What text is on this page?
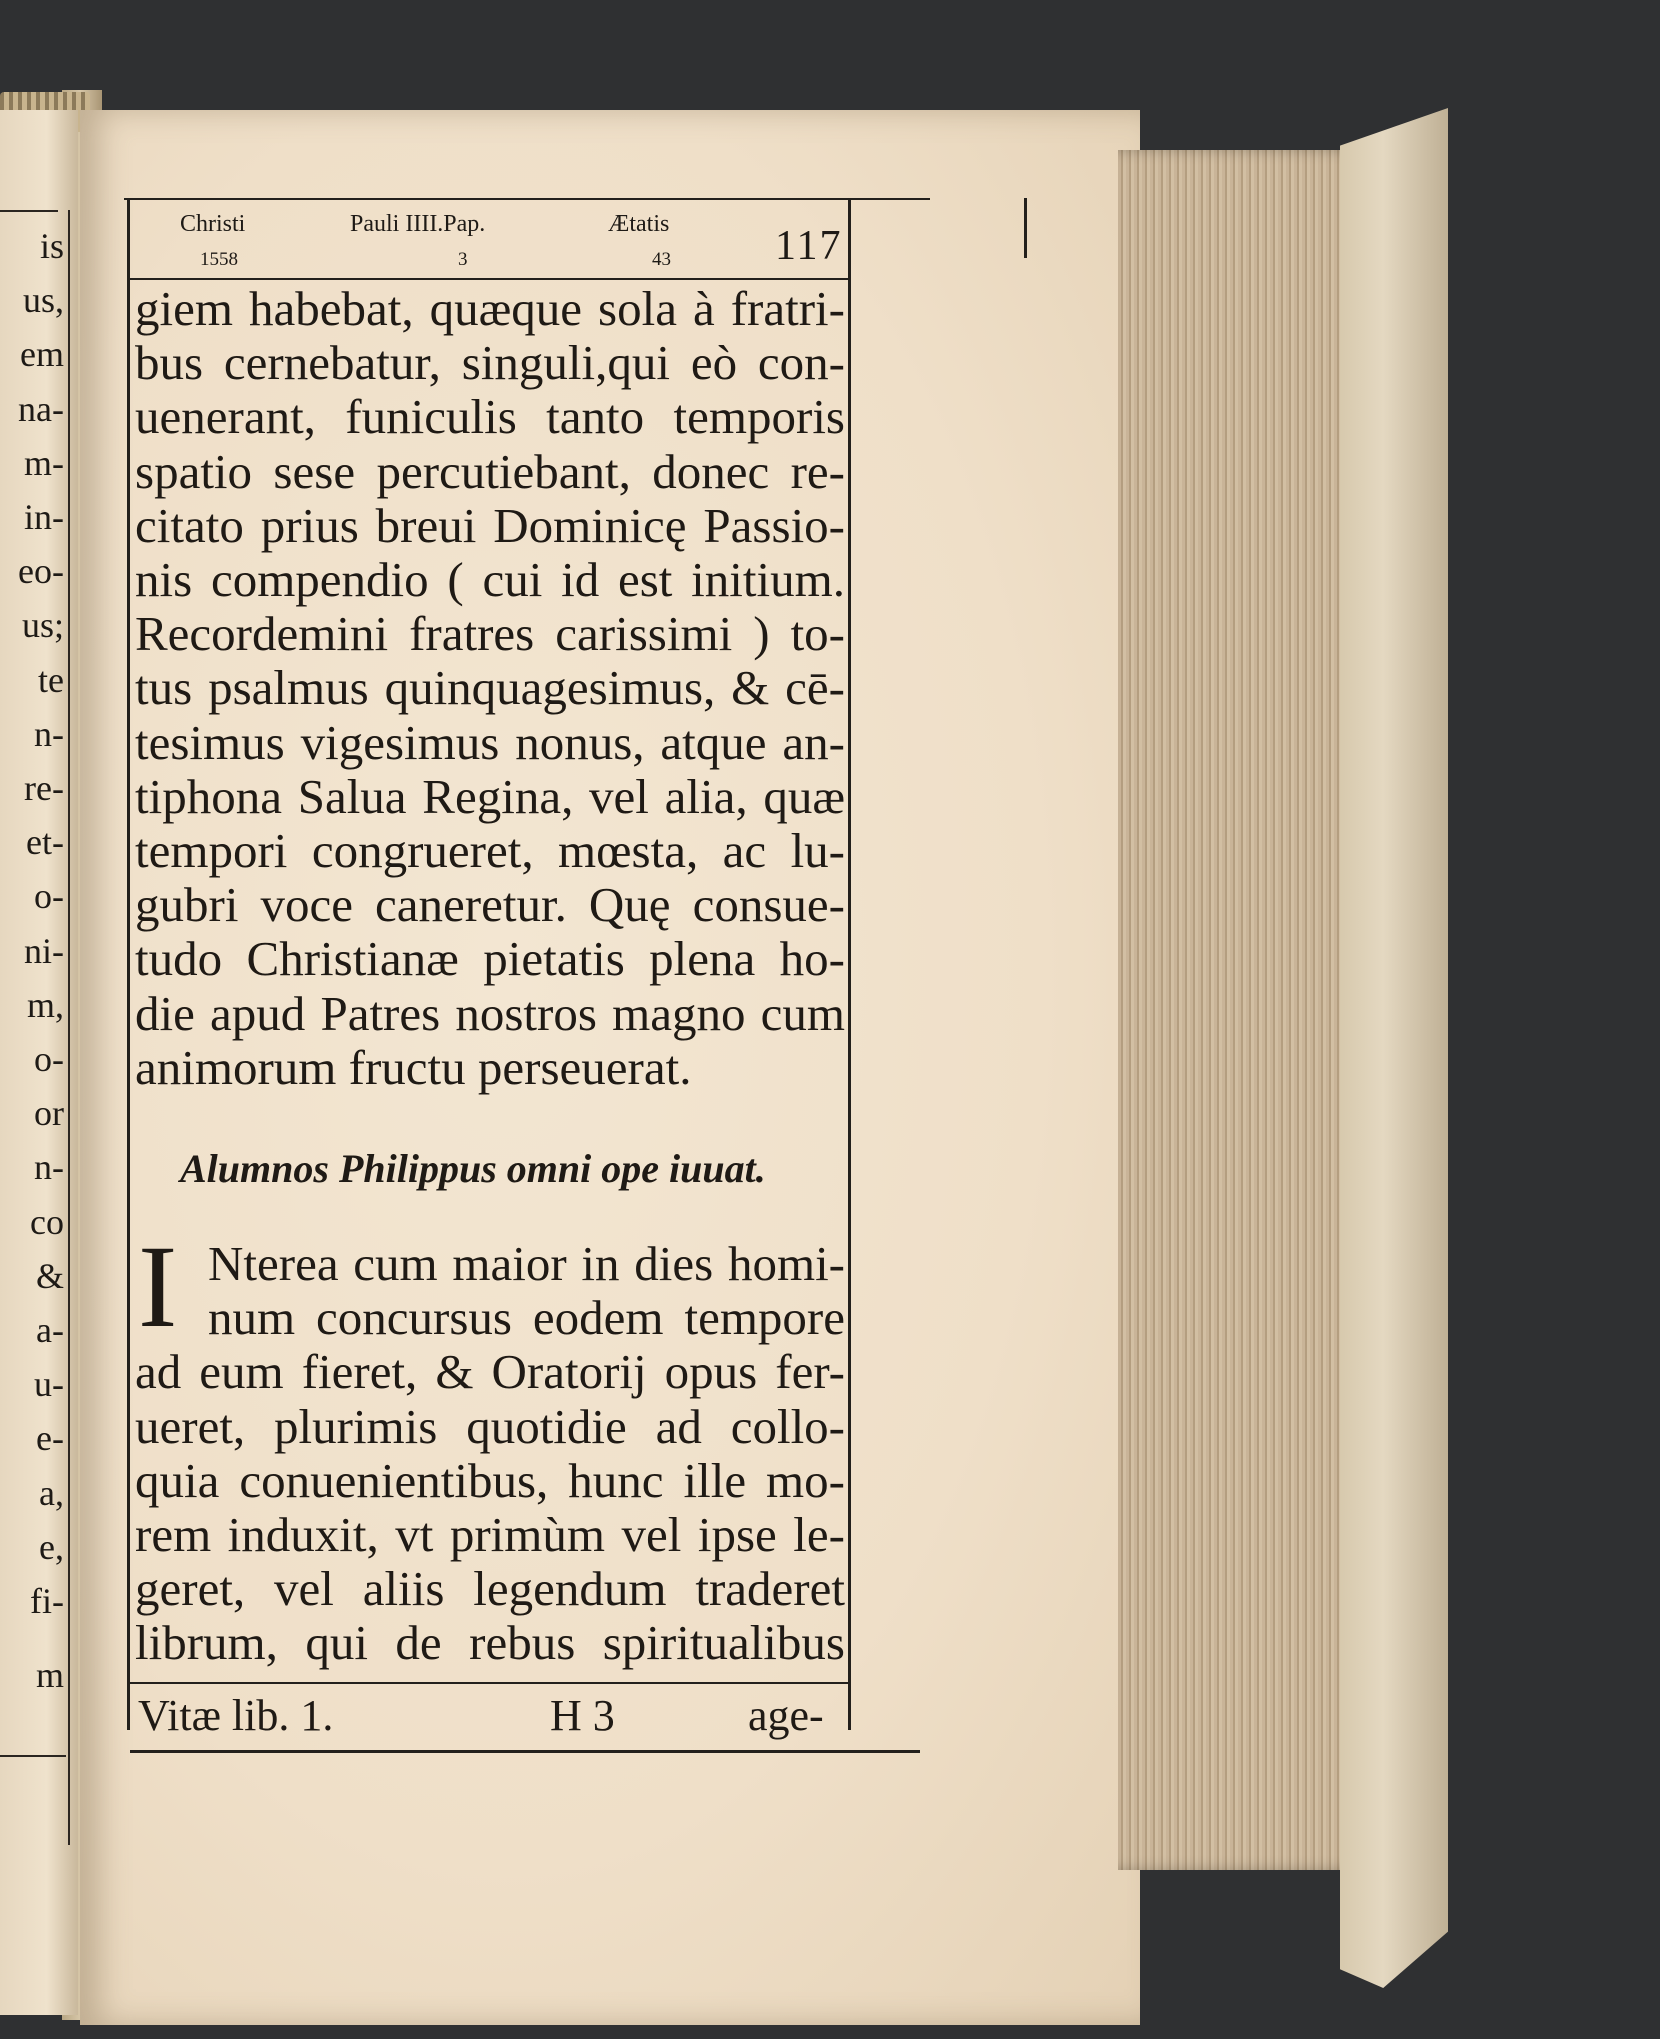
is
us,
em
na-
m-
in-
eo-
us;
te
n-
re-
et-
o-
ni-
m,
o-
or
n-
co
&
a-
u-
e-
a,
e,
fi-
m
Christi
1558
Pauli IIII.Pap.
3
Ætatis
43 117
giem habebat, quæque sola à fratri-
bus cernebatur, singuli,qui eò con-
uenerant, funiculis tanto temporis
spatio sese percutiebant, donec re-
citato prius breui Dominicę Passio-
nis compendio ( cui id est initium.
Recordemini fratres carissimi ) to-
tus psalmus quinquagesimus, & cē-
tesimus vigesimus nonus, atque an-
tiphona Salua Regina, vel alia, quæ
tempori congrueret, mœsta, ac lu-
gubri voce caneretur. Quę consue-
tudo Christianæ pietatis plena ho-
die apud Patres nostros magno cum
animorum fructu perseuerat.
Alumnos Philippus omni ope iuuat.
I Nterea cum maior in dies homi-
num concursus eodem tempore
ad eum fieret, & Oratorij opus fer-
ueret, plurimis quotidie ad collo-
quia conuenientibus, hunc ille mo-
rem induxit, vt primùm vel ipse le-
geret, vel aliis legendum traderet
librum, qui de rebus spiritualibus
Vitæ lib. 1.	H 3	age-
